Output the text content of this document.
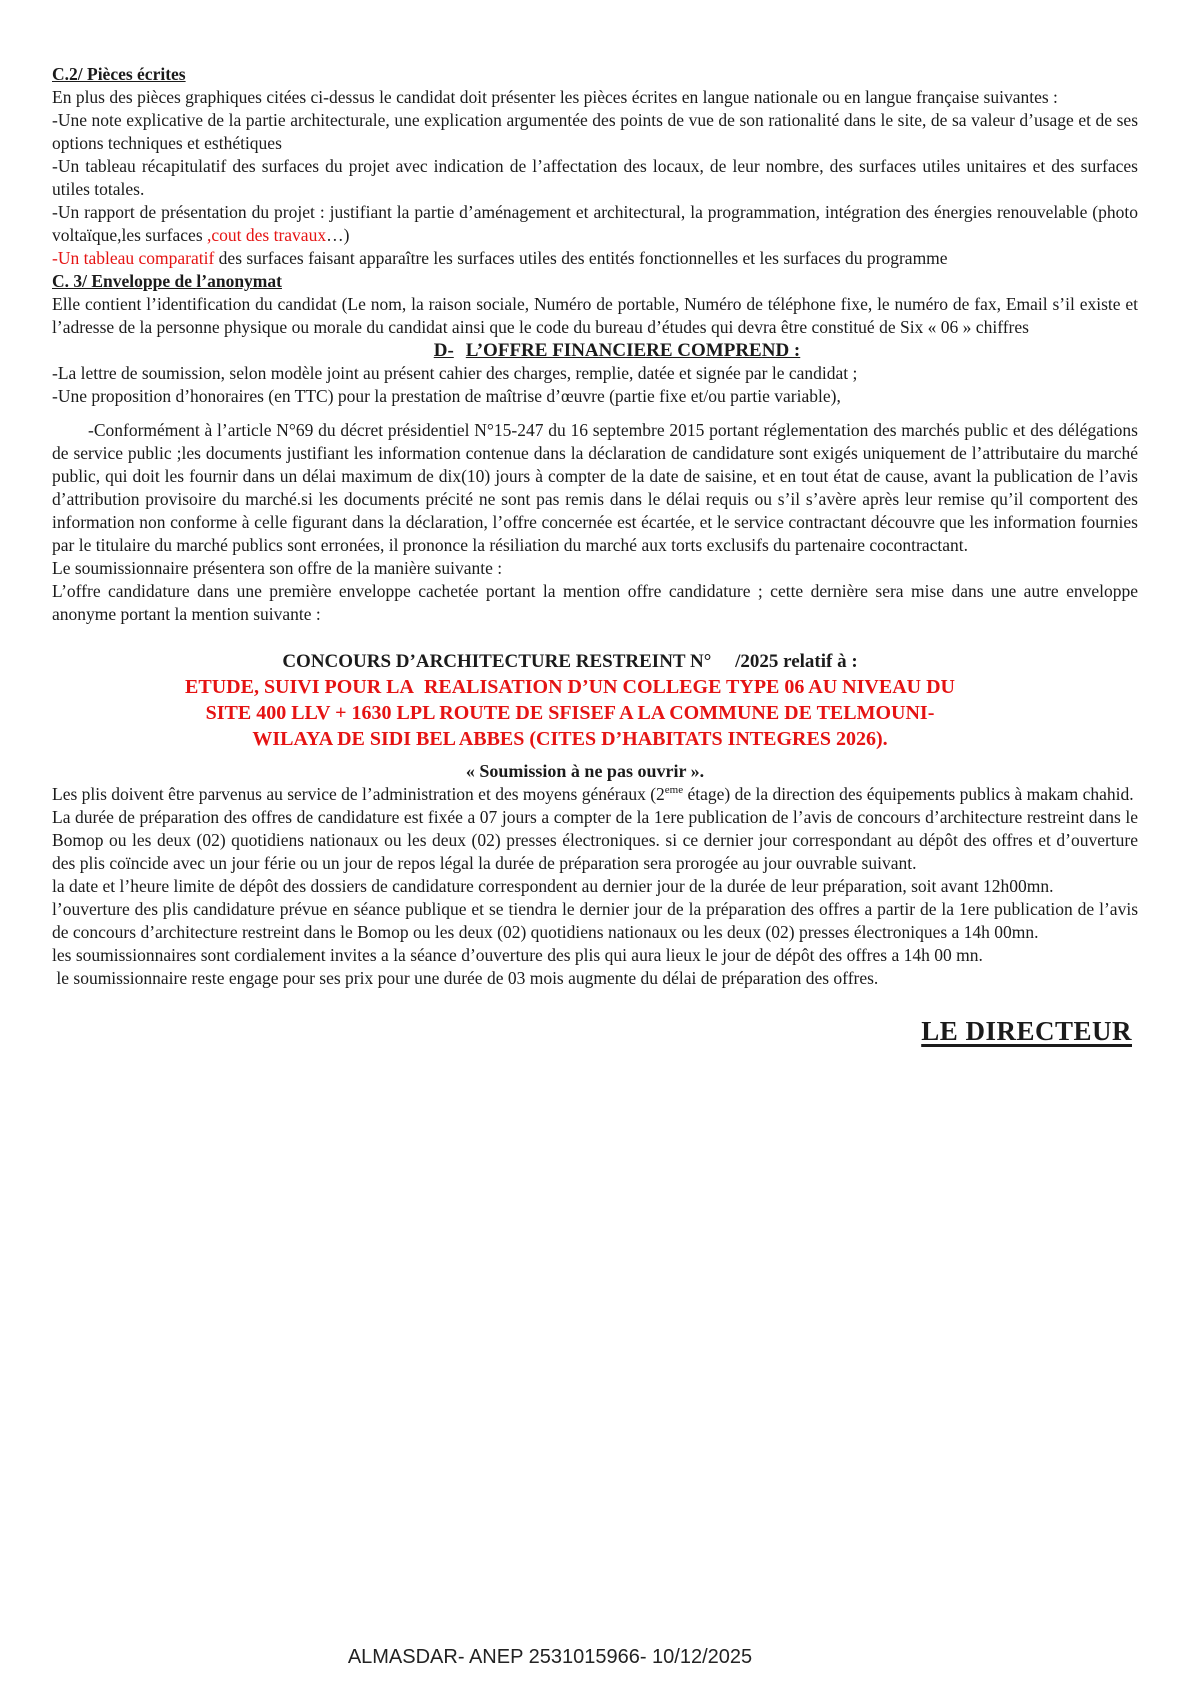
C.2/ Pièces écrites

En plus des pièces graphiques citées ci-dessus le candidat doit présenter les pièces écrites en langue nationale ou en langue française suivantes :

-Une note explicative de la partie architecturale, une explication argumentée des points de vue de son rationalité dans le site, de sa valeur d’usage et de ses options techniques et esthétiques

-Un tableau récapitulatif des surfaces du projet avec indication de l’affectation des locaux, de leur nombre, des surfaces utiles unitaires et des surfaces utiles totales.

-Un rapport de présentation du projet : justifiant la partie d’aménagement et architectural, la programmation, intégration des énergies renouvelable (photo voltaïque,les surfaces ,cout des travaux…)

-Un tableau comparatif des surfaces faisant apparaître les surfaces utiles des entités fonctionnelles et les surfaces du programme

C. 3/ Enveloppe de l’anonymat

Elle contient l’identification du candidat (Le nom, la raison sociale, Numéro de portable, Numéro de téléphone fixe, le numéro de fax, Email s’il existe et l’adresse de la personne physique ou morale du candidat ainsi que le code du bureau d’études qui devra être constitué de Six « 06 » chiffres

D- L’OFFRE FINANCIERE COMPREND :

-La lettre de soumission, selon modèle joint au présent cahier des charges, remplie, datée et signée par le candidat ;

-Une proposition d’honoraires (en TTC) pour la prestation de maîtrise d’œuvre (partie fixe et/ou partie variable),

-Conformément à l’article N°69 du décret présidentiel N°15-247 du 16 septembre 2015 portant réglementation des marchés public et des délégations de service public ;les documents justifiant les information contenue dans la déclaration de candidature sont exigés uniquement de l’attributaire du marché public, qui doit les fournir dans un délai maximum de dix(10) jours à compter de la date de saisine, et en tout état de cause, avant la publication de l’avis d’attribution provisoire du marché.si les documents précité ne sont pas remis dans le délai requis ou s’il s’avère après leur remise qu’il comportent des information non conforme à celle figurant dans la déclaration, l’offre concernée est écartée, et le service contractant découvre que les information fournies par le titulaire du marché publics sont erronées, il prononce la résiliation du marché aux torts exclusifs du partenaire cocontractant.

Le soumissionnaire présentera son offre de la manière suivante :

L’offre candidature dans une première enveloppe cachetée portant la mention offre candidature ; cette dernière sera mise dans une autre enveloppe anonyme portant la mention suivante :

CONCOURS D’ARCHITECTURE RESTREINT N°     /2025 relatif à :
ETUDE, SUIVI POUR LA  REALISATION D’UN COLLEGE TYPE 06 AU NIVEAU DU
SITE 400 LLV + 1630 LPL ROUTE DE SFISEF A LA COMMUNE DE TELMOUNI-
WILAYA DE SIDI BEL ABBES (CITES D’HABITATS INTEGRES 2026).

« Soumission à ne pas ouvrir ».

Les plis doivent être parvenus au service de l’administration et des moyens généraux (2eme étage) de la direction des équipements publics à makam chahid.

La durée de préparation des offres de candidature est fixée a 07 jours a compter de la 1ere publication de l’avis de concours d’architecture restreint dans le Bomop ou les deux (02) quotidiens nationaux ou les deux (02) presses électroniques. si ce dernier jour correspondant au dépôt des offres et d’ouverture des plis coïncide avec un jour férie ou un jour de repos légal la durée de préparation sera prorogée au jour ouvrable suivant.

la date et l’heure limite de dépôt des dossiers de candidature correspondent au dernier jour de la durée de leur préparation, soit avant 12h00mn.

l’ouverture des plis candidature prévue en séance publique et se tiendra le dernier jour de la préparation des offres a partir de la 1ere publication de l’avis de concours d’architecture restreint dans le Bomop ou les deux (02) quotidiens nationaux ou les deux (02) presses électroniques a 14h 00mn.

les soumissionnaires sont cordialement invites a la séance d’ouverture des plis qui aura lieux le jour de dépôt des offres a 14h 00 mn.

le soumissionnaire reste engage pour ses prix pour une durée de 03 mois augmente du délai de préparation des offres.

LE DIRECTEUR
ALMASDAR- ANEP 2531015966- 10/12/2025
